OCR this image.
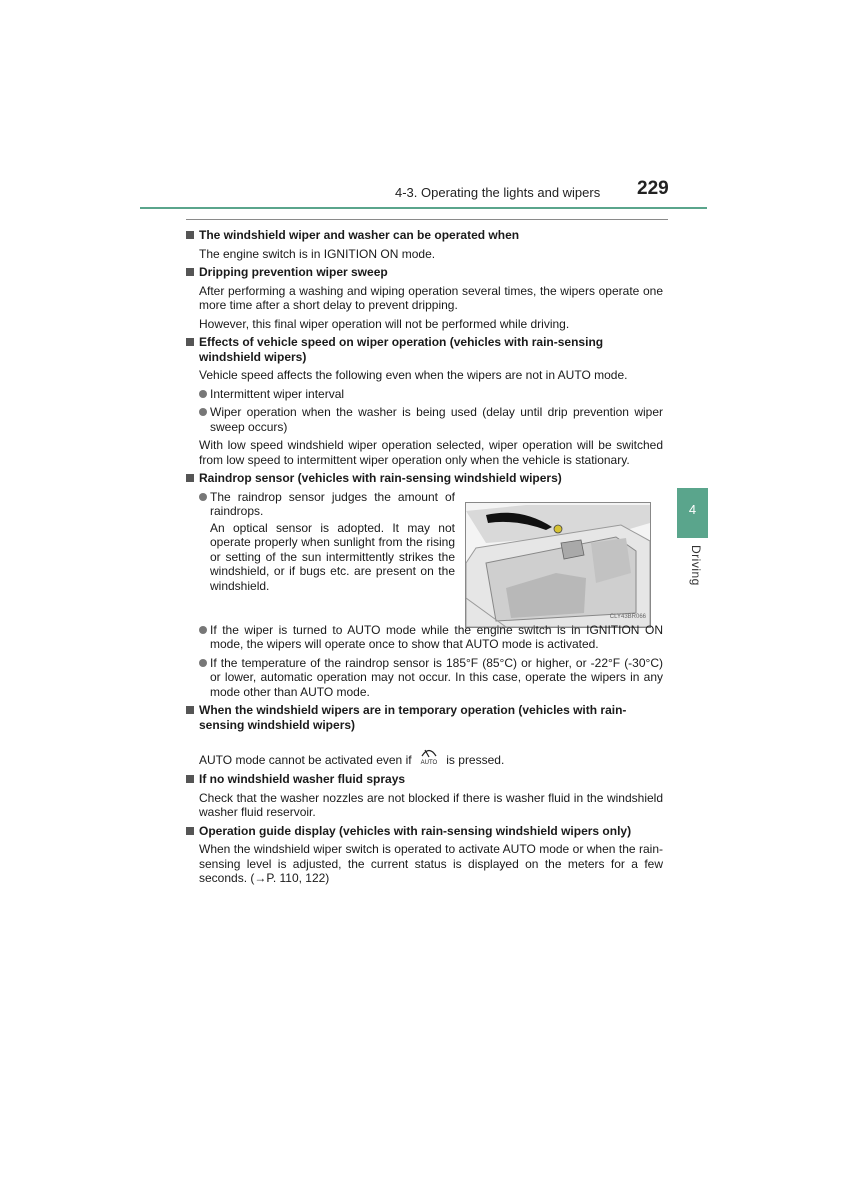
4-3. Operating the lights and wipers 229
4
Driving
The windshield wiper and washer can be operated when
The engine switch is in IGNITION ON mode.
Dripping prevention wiper sweep
After performing a washing and wiping operation several times, the wipers operate one more time after a short delay to prevent dripping.
However, this final wiper operation will not be performed while driving.
Effects of vehicle speed on wiper operation (vehicles with rain-sensing windshield wipers)
Vehicle speed affects the following even when the wipers are not in AUTO mode.
Intermittent wiper interval
Wiper operation when the washer is being used (delay until drip prevention wiper sweep occurs)
With low speed windshield wiper operation selected, wiper operation will be switched from low speed to intermittent wiper operation only when the vehicle is stationary.
Raindrop sensor (vehicles with rain-sensing windshield wipers)
The raindrop sensor judges the amount of raindrops.
An optical sensor is adopted. It may not operate properly when sunlight from the rising or setting of the sun intermittently strikes the windshield, or if bugs etc. are present on the windshield.
CLY43BR066
If the wiper is turned to AUTO mode while the engine switch is in IGNITION ON mode, the wipers will operate once to show that AUTO mode is activated.
If the temperature of the raindrop sensor is 185°F (85°C) or higher, or -22°F (-30°C) or lower, automatic operation may not occur. In this case, operate the wipers in any mode other than AUTO mode.
When the windshield wipers are in temporary operation (vehicles with rain-sensing windshield wipers)
AUTO mode cannot be activated even if	AUTO is pressed.
If no windshield washer fluid sprays
Check that the washer nozzles are not blocked if there is washer fluid in the windshield washer fluid reservoir.
Operation guide display (vehicles with rain-sensing windshield wipers only)
When the windshield wiper switch is operated to activate AUTO mode or when the rain-sensing level is adjusted, the current status is displayed on the meters for a few seconds. (→P. 110, 122)
